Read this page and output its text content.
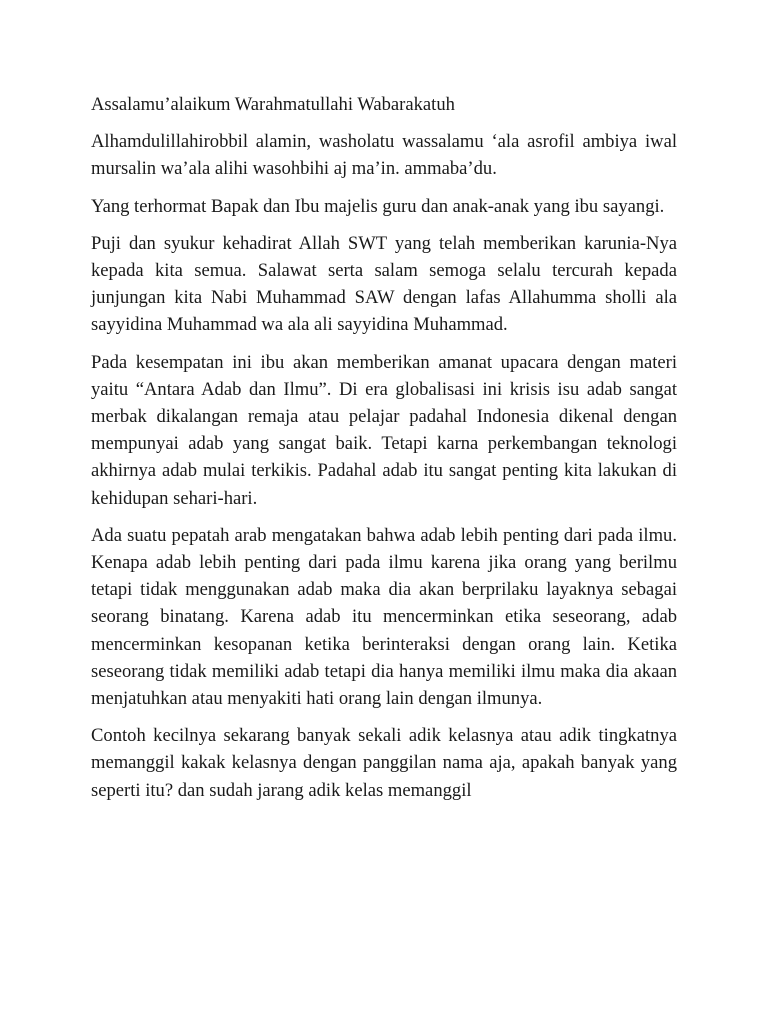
Assalamu’alaikum Warahmatullahi Wabarakatuh

Alhamdulillahirobbil alamin, washolatu wassalamu ‘ala asrofil ambiya iwal mursalin wa’ala alihi wasohbihi aj ma’in. ammaba’du.

Yang terhormat Bapak dan Ibu majelis guru dan anak-anak yang ibu sayangi.

Puji dan syukur kehadirat Allah SWT yang telah memberikan karunia-Nya kepada kita semua. Salawat serta salam semoga selalu tercurah kepada junjungan kita Nabi Muhammad SAW dengan lafas Allahumma sholli ala sayyidina Muhammad wa ala ali sayyidina Muhammad.

Pada kesempatan ini ibu akan memberikan amanat upacara dengan materi yaitu “Antara Adab dan Ilmu”. Di era globalisasi ini krisis isu adab sangat merbak dikalangan remaja atau pelajar padahal Indonesia dikenal dengan mempunyai adab yang sangat baik. Tetapi karna perkembangan teknologi akhirnya adab mulai terkikis. Padahal adab itu sangat penting kita lakukan di kehidupan sehari-hari.

Ada suatu pepatah arab mengatakan bahwa adab lebih penting dari pada ilmu. Kenapa adab lebih penting dari pada ilmu karena jika orang yang berilmu tetapi tidak menggunakan adab maka dia akan berprilaku layaknya sebagai seorang binatang. Karena adab itu mencerminkan etika seseorang, adab mencerminkan kesopanan ketika berinteraksi dengan orang lain. Ketika seseorang tidak memiliki adab tetapi dia hanya memiliki ilmu maka dia akaan menjatuhkan atau menyakiti hati orang lain dengan ilmunya.

Contoh kecilnya sekarang banyak sekali adik kelasnya atau adik tingkatnya memanggil kakak kelasnya dengan panggilan nama aja, apakah banyak yang seperti itu? dan sudah jarang adik kelas memanggil
